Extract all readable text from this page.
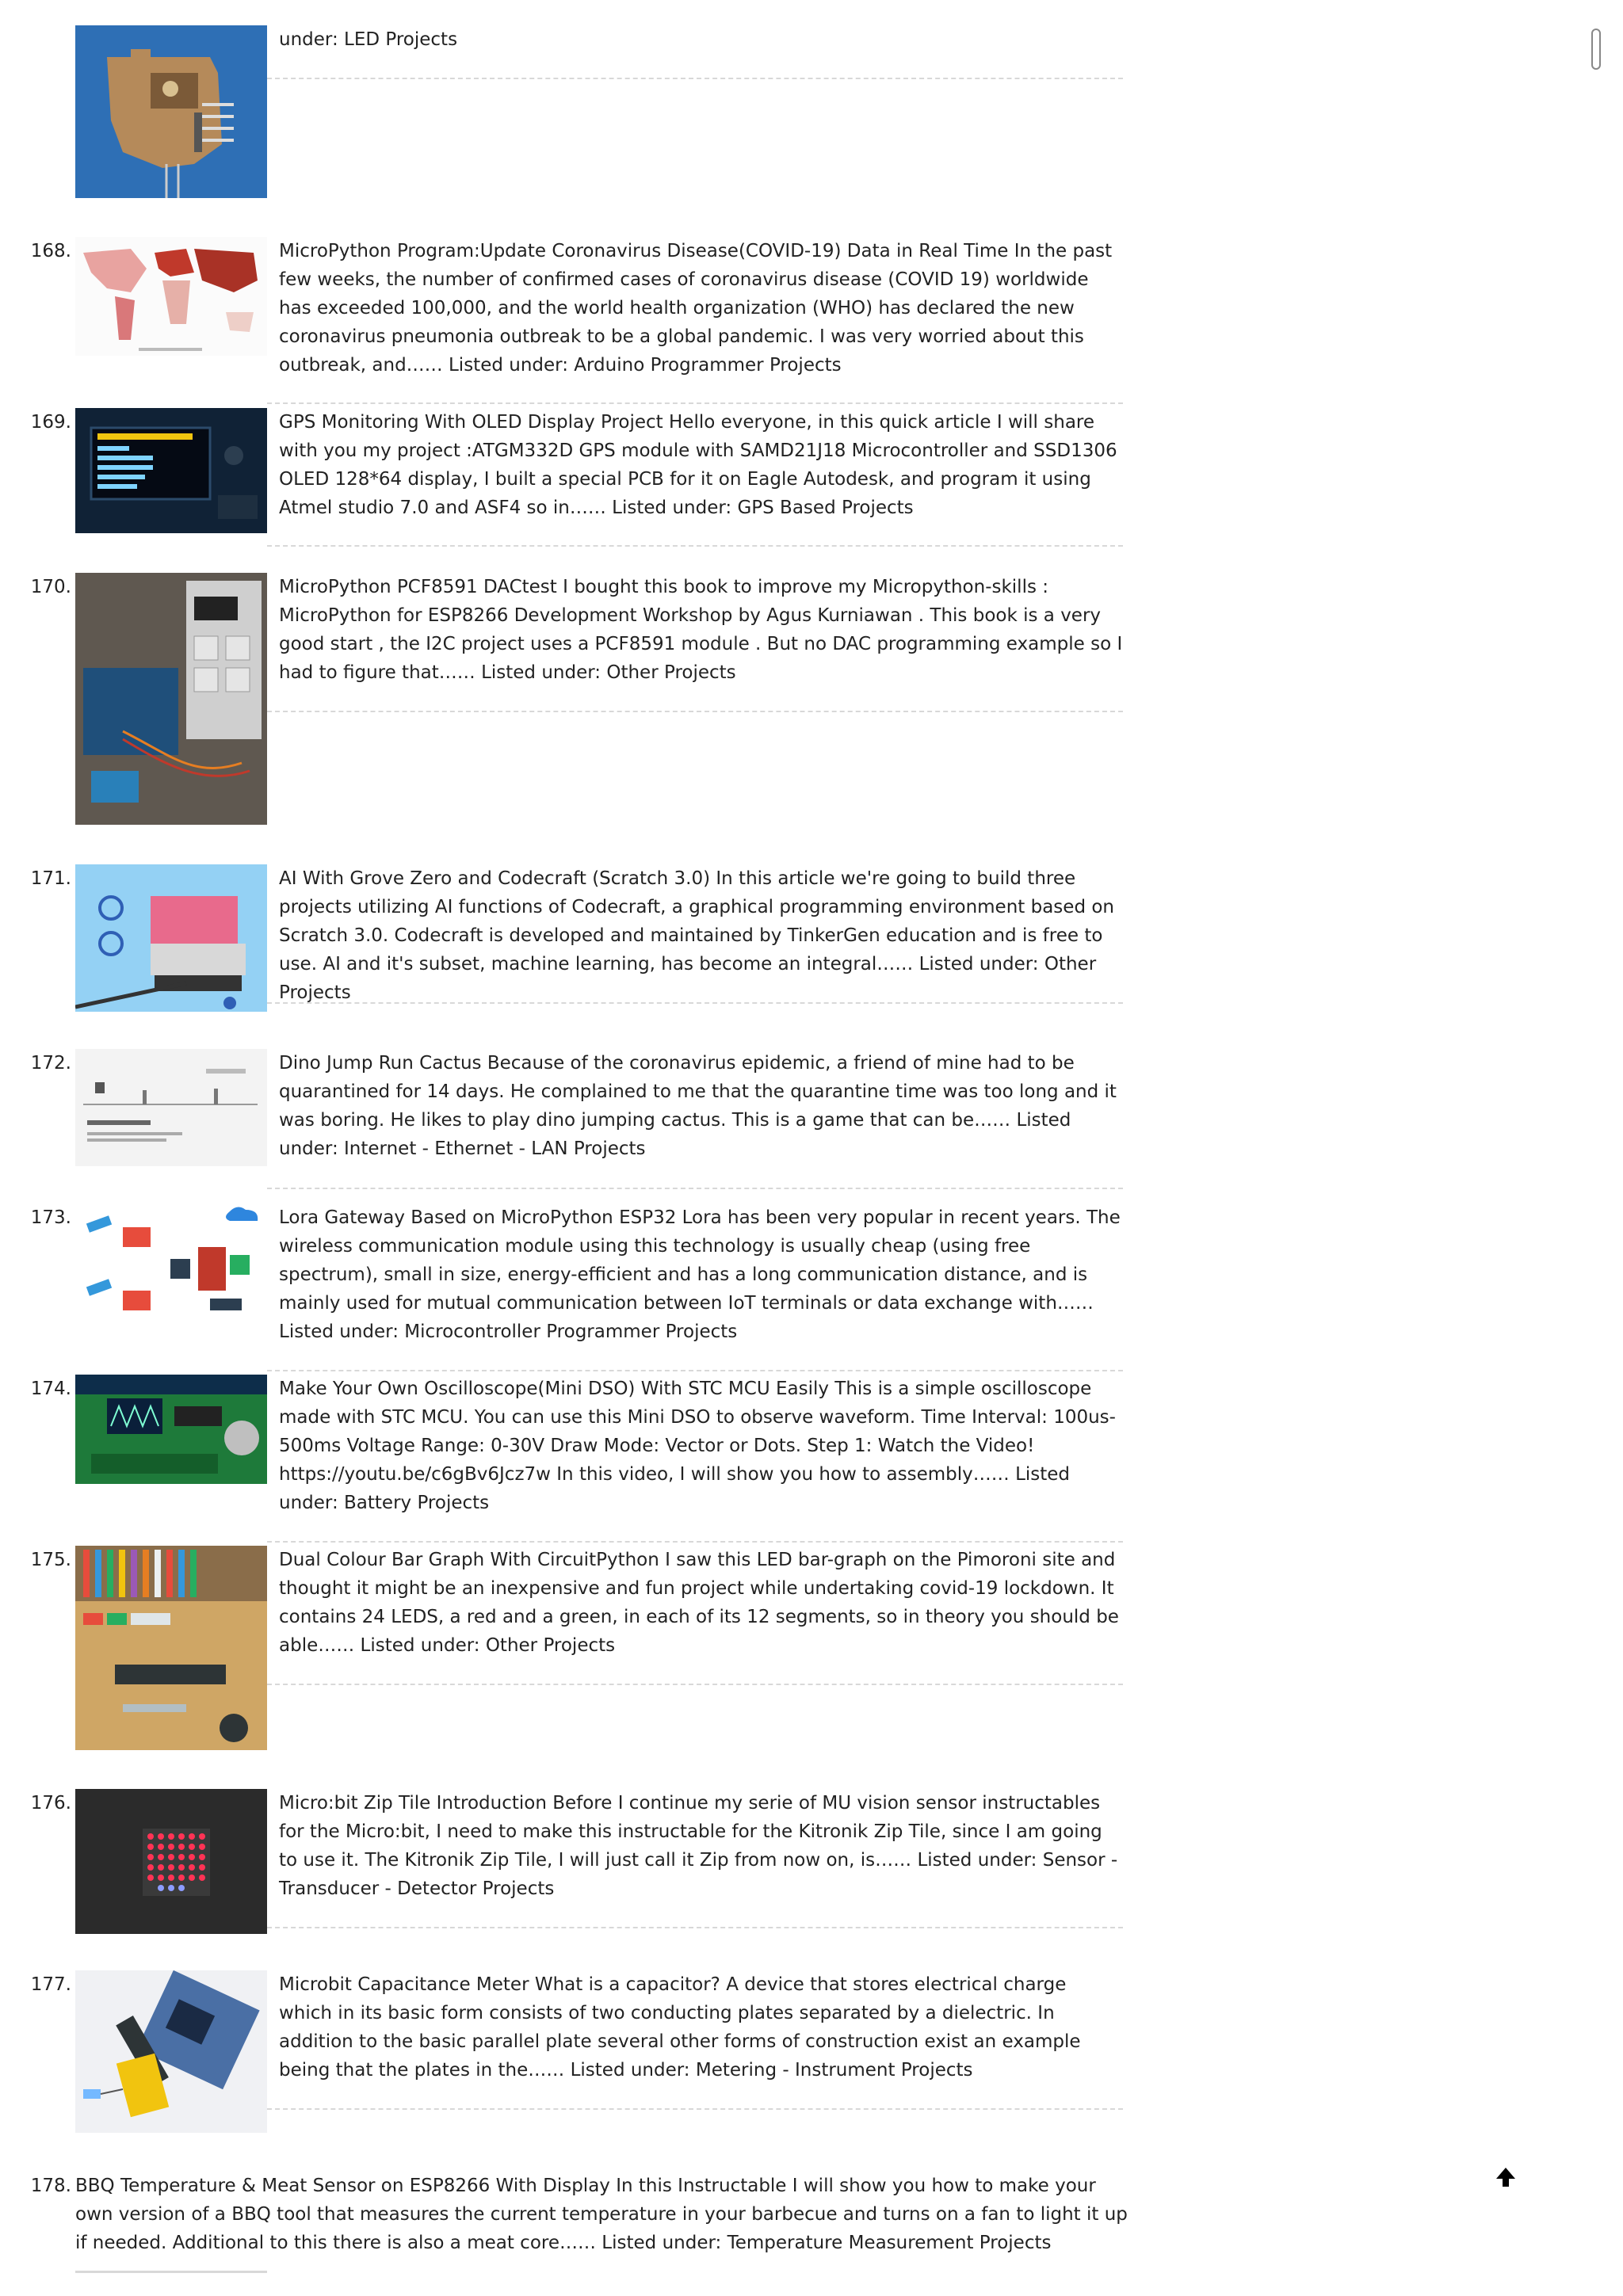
under: LED Projects
168.	MicroPython Program:Update Coronavirus Disease(COVID-19) Data in Real Time In the past few weeks, the number of confirmed cases of coronavirus disease (COVID 19) worldwide has exceeded 100,000, and the world health organization (WHO) has declared the new coronavirus pneumonia outbreak to be a global pandemic. I was very worried about this outbreak, and…… Listed under: Arduino Programmer Projects
169.	GPS Monitoring With OLED Display Project Hello everyone, in this quick article I will share with you my project :ATGM332D GPS module with SAMD21J18 Microcontroller and SSD1306 OLED 128*64 display, I built a special PCB for it on Eagle Autodesk, and program it using Atmel studio 7.0 and ASF4 so in…… Listed under: GPS Based Projects
170.	MicroPython PCF8591 DACtest I bought this book to improve my Micropython-skills : MicroPython for ESP8266 Development Workshop by Agus Kurniawan . This book is a very good start , the I2C project uses a PCF8591 module . But no DAC programming example so I had to figure that…… Listed under: Other Projects
171.	AI With Grove Zero and Codecraft (Scratch 3.0) In this article we're going to build three projects utilizing AI functions of Codecraft, a graphical programming environment based on Scratch 3.0. Codecraft is developed and maintained by TinkerGen education and is free to use. AI and it's subset, machine learning, has become an integral…… Listed under: Other Projects
172.	Dino Jump Run Cactus Because of the coronavirus epidemic, a friend of mine had to be quarantined for 14 days. He complained to me that the quarantine time was too long and it was boring. He likes to play dino jumping cactus. This is a game that can be…… Listed under: Internet - Ethernet - LAN Projects
173.	Lora Gateway Based on MicroPython ESP32 Lora has been very popular in recent years. The wireless communication module using this technology is usually cheap (using free spectrum), small in size, energy-efficient and has a long communication distance, and is mainly used for mutual communication between IoT terminals or data exchange with…… Listed under: Microcontroller Programmer Projects
174.	Make Your Own Oscilloscope(Mini DSO) With STC MCU Easily This is a simple oscilloscope made with STC MCU. You can use this Mini DSO to observe waveform. Time Interval: 100us-500ms Voltage Range: 0-30V Draw Mode: Vector or Dots. Step 1: Watch the Video! https://youtu.be/c6gBv6Jcz7w In this video, I will show you how to assembly…… Listed under: Battery Projects
175.	Dual Colour Bar Graph With CircuitPython I saw this LED bar-graph on the Pimoroni site and thought it might be an inexpensive and fun project while undertaking covid-19 lockdown. It contains 24 LEDS, a red and a green, in each of its 12 segments, so in theory you should be able…… Listed under: Other Projects
176.	Micro:bit Zip Tile Introduction Before I continue my serie of MU vision sensor instructables for the Micro:bit, I need to make this instructable for the Kitronik Zip Tile, since I am going to use it. The Kitronik Zip Tile, I will just call it Zip from now on, is…… Listed under: Sensor - Transducer - Detector Projects
177.	Microbit Capacitance Meter What is a capacitor? A device that stores electrical charge which in its basic form consists of two conducting plates separated by a dielectric. In addition to the basic parallel plate several other forms of construction exist an example being that the plates in the…… Listed under: Metering - Instrument Projects
178. BBQ Temperature & Meat Sensor on ESP8266 With Display In this Instructable I will show you how to make your own version of a BBQ tool that measures the current temperature in your barbecue and turns on a fan to light it up if needed. Additional to this there is also a meat core…… Listed under: Temperature Measurement Projects
